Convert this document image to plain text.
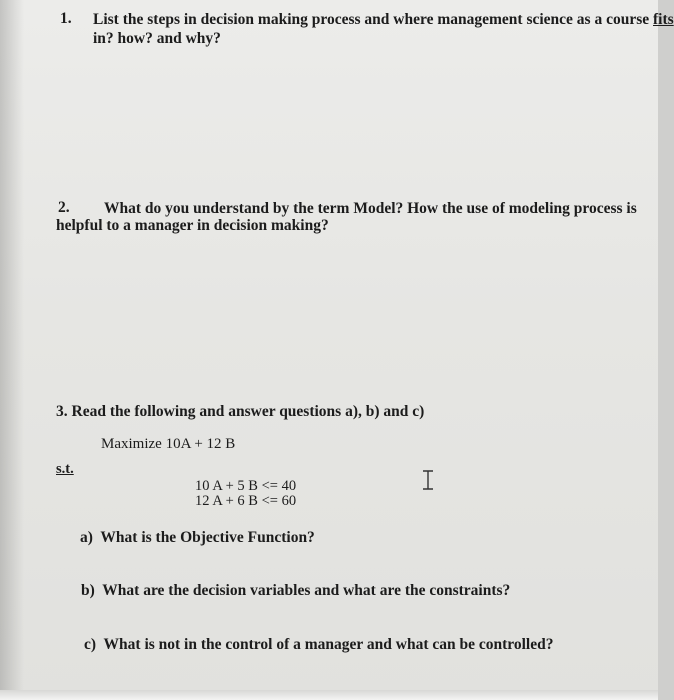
1. List the steps in decision making process and where management science as a course fits
in? how? and why?
2. What do you understand by the term Model? How the use of modeling process is
helpful to a manager in decision making?
3. Read the following and answer questions a), b) and c)
Maximize 10A + 12 B
s.t.
10 A + 5 B <= 40
12 A + 6 B <= 60
a) What is the Objective Function?
b) What are the decision variables and what are the constraints?
c) What is not in the control of a manager and what can be controlled?
